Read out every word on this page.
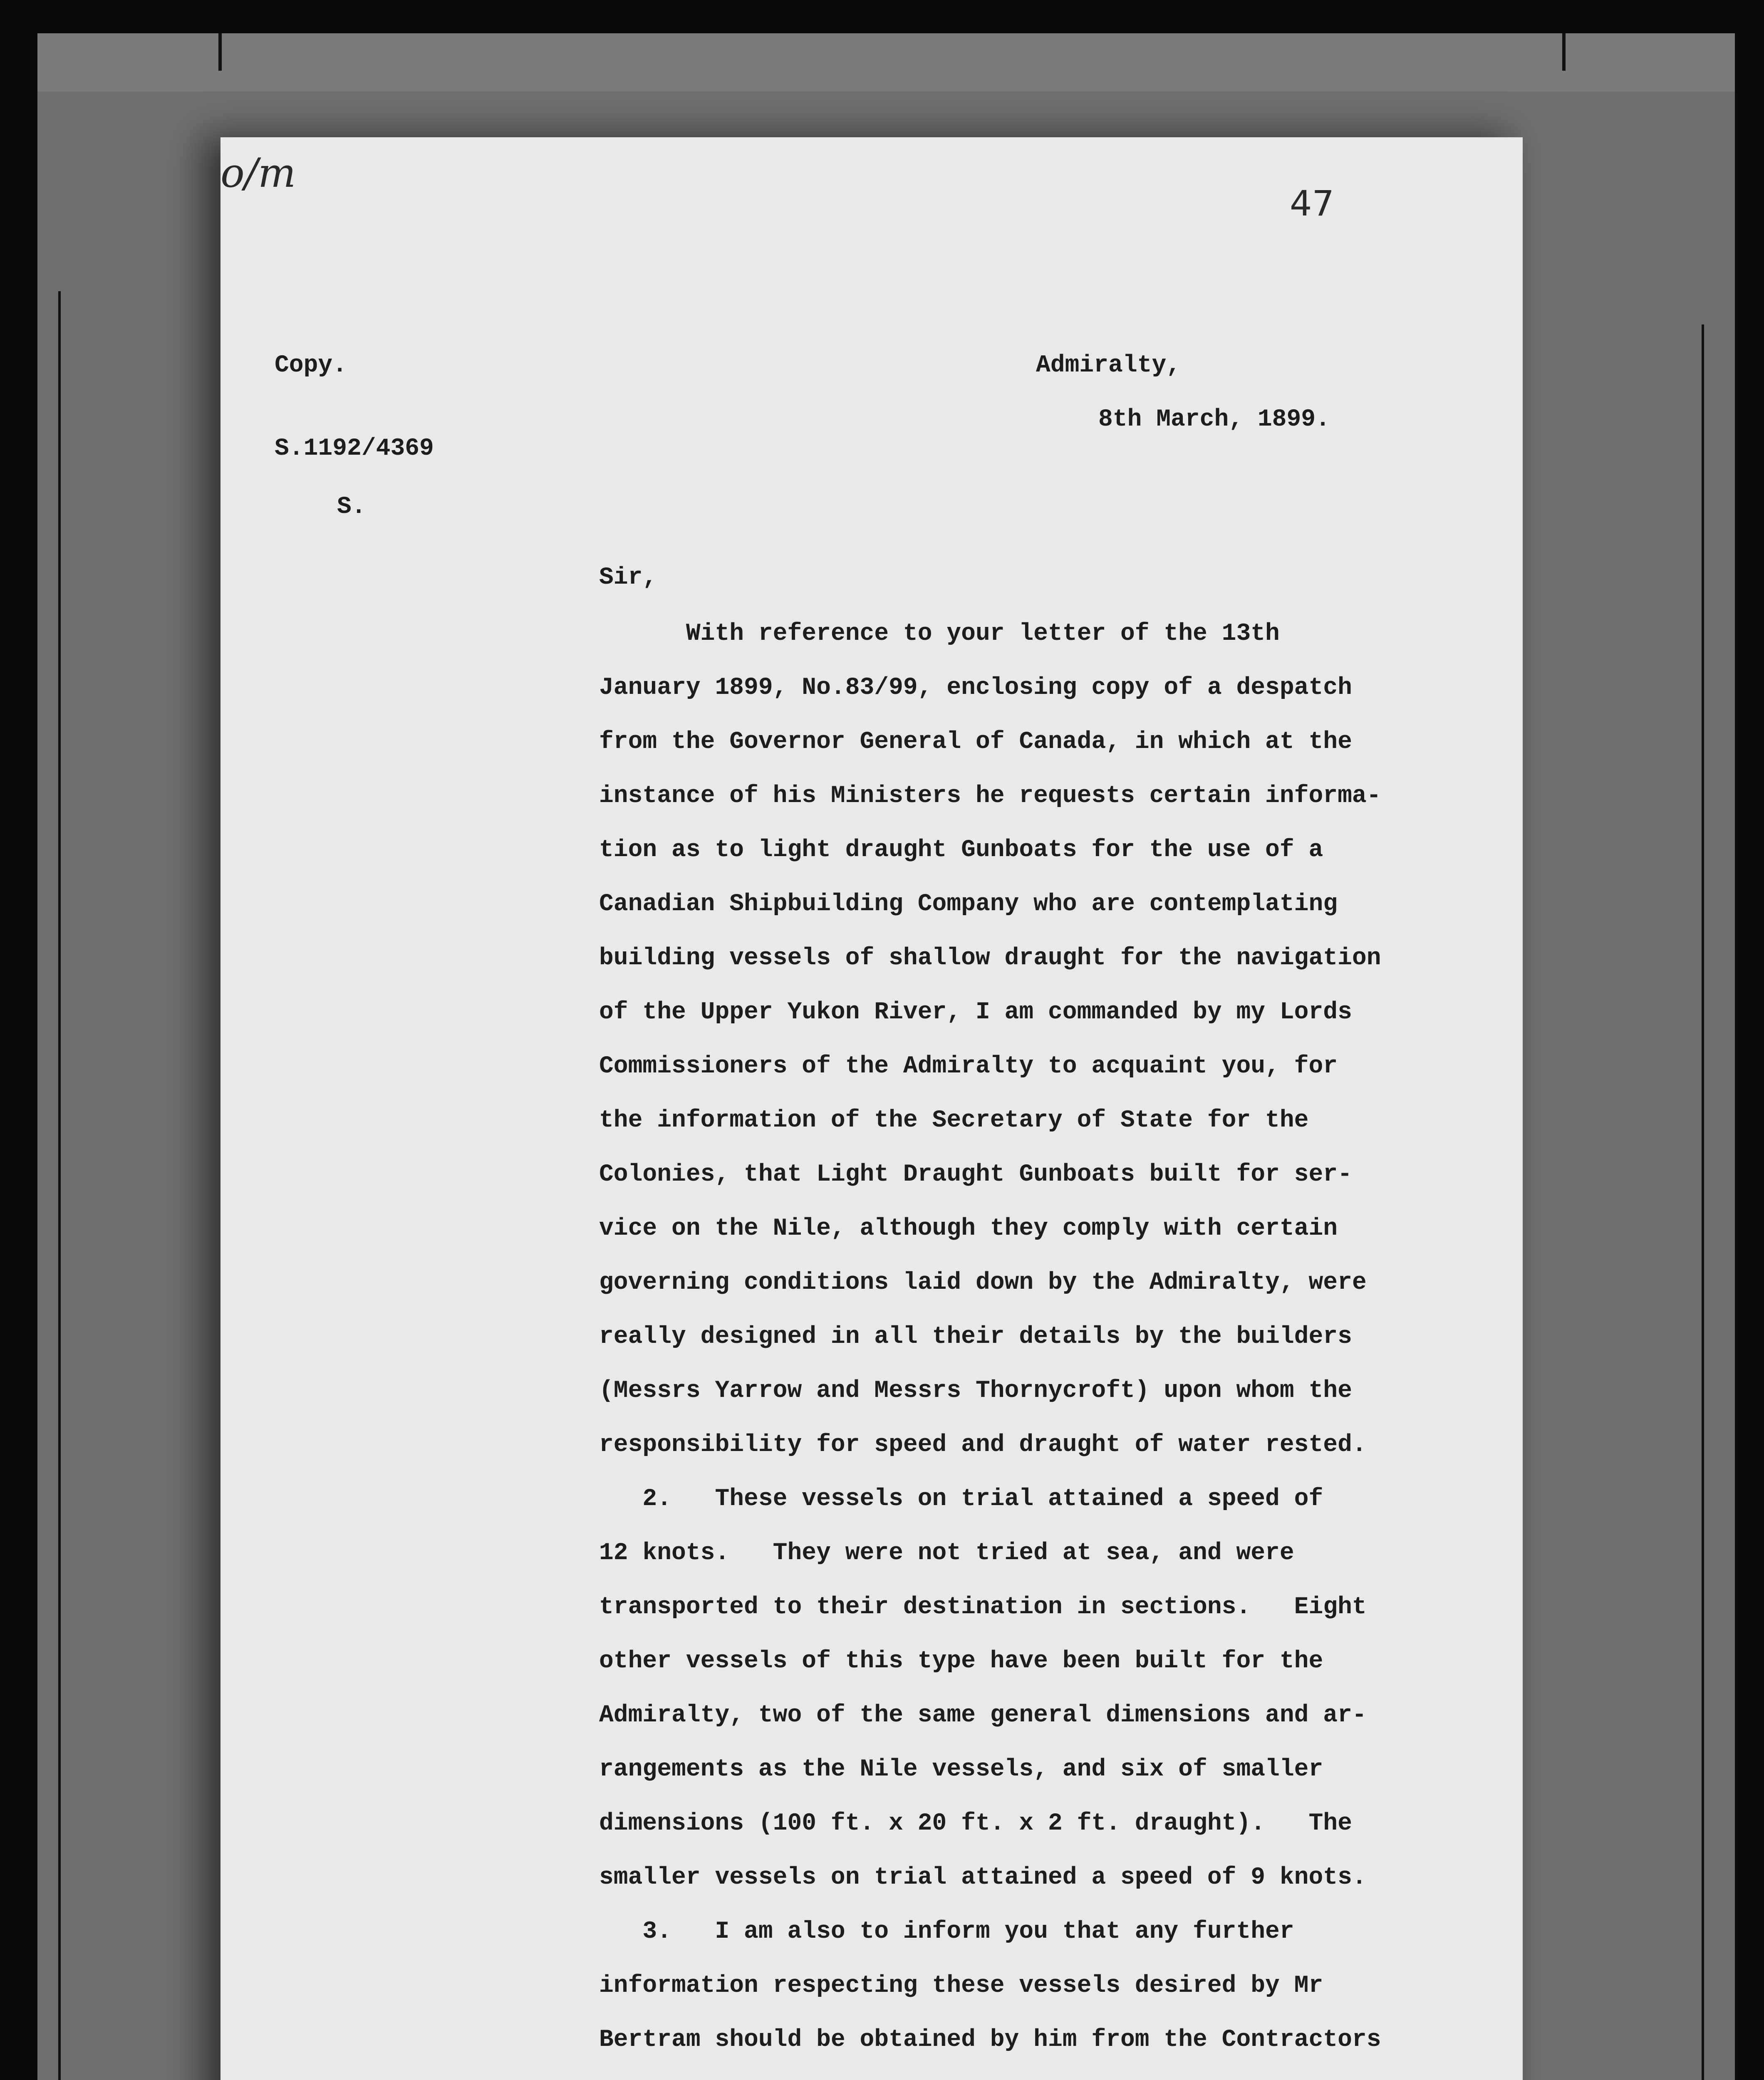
o/m
47

Copy.

S.1192/4369

S.

Admiralty,

8th March, 1899.

Sir,

With reference to your letter of the 13th

January 1899, No.83/99, enclosing copy of a despatch

from the Governor General of Canada, in which at the

instance of his Ministers he requests certain informa-

tion as to light draught Gunboats for the use of a

Canadian Shipbuilding Company who are contemplating

building vessels of shallow draught for the navigation

of the Upper Yukon River, I am commanded by my Lords

Commissioners of the Admiralty to acquaint you, for

the information of the Secretary of State for the

Colonies, that Light Draught Gunboats built for ser-

vice on the Nile, although they comply with certain

governing conditions laid down by the Admiralty, were

really designed in all their details by the builders

(Messrs Yarrow and Messrs Thornycroft) upon whom the

responsibility for speed and draught of water rested.

2.   These vessels on trial attained a speed of

12 knots.   They were not tried at sea, and were

transported to their destination in sections.   Eight

other vessels of this type have been built for the

Admiralty, two of the same general dimensions and ar-

rangements as the Nile vessels, and six of smaller

dimensions (100 ft. x 20 ft. x 2 ft. draught).   The

smaller vessels on trial attained a speed of 9 knots.

3.   I am also to inform you that any further

information respecting these vessels desired by Mr

Bertram should be obtained by him from the Contractors
